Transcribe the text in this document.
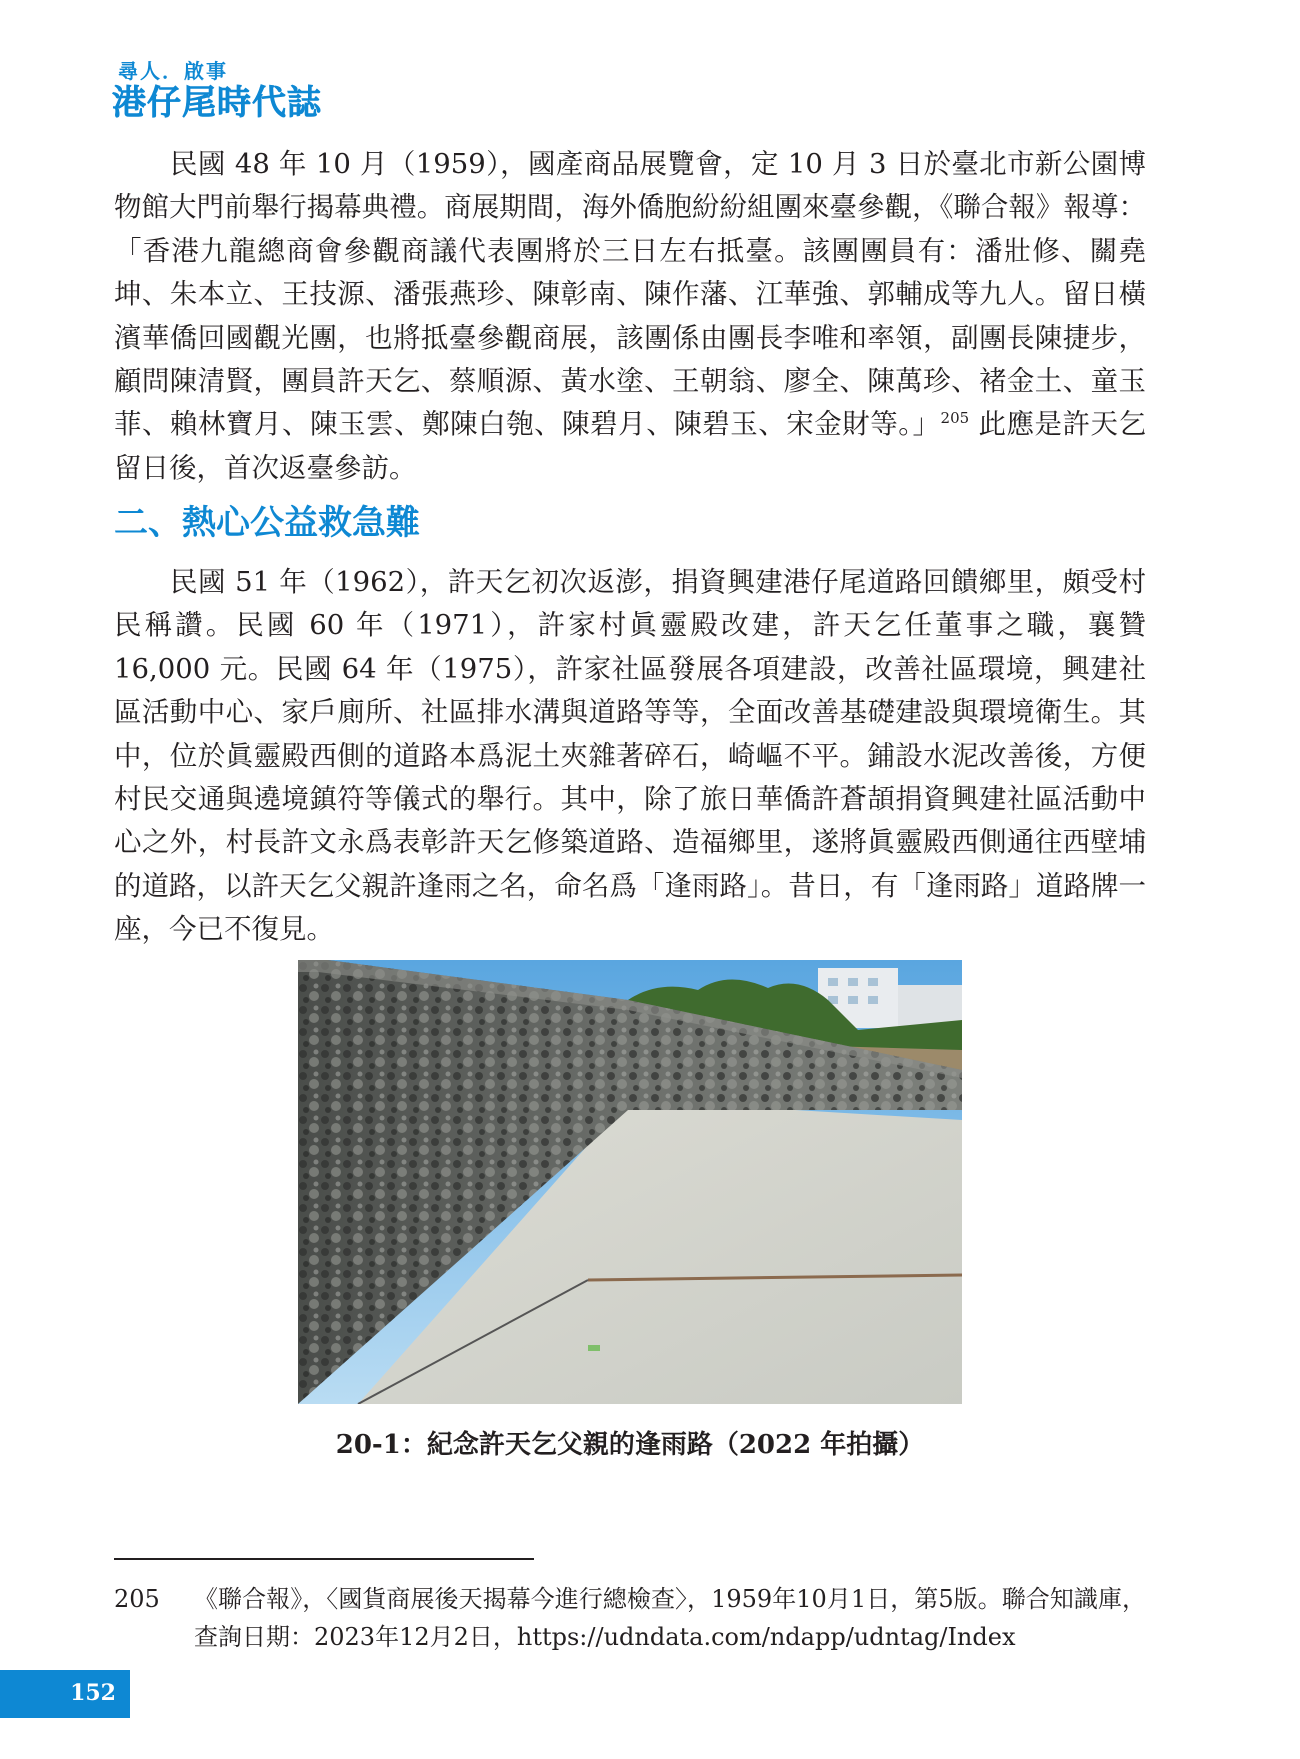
尋人．啟事
港仔尾時代誌

民國 48 年 10 月（1959），國產商品展覽會，定 10 月 3 日於臺北市新公園博物館大門前舉行揭幕典禮。商展期間，海外僑胞紛紛組團來臺參觀，《聯合報》報導：「香港九龍總商會參觀商議代表團將於三日左右抵臺。該團團員有：潘壯修、關堯坤、朱本立、王技源、潘張燕珍、陳彰南、陳作藩、江華強、郭輔成等九人。留日橫濱華僑回國觀光團，也將抵臺參觀商展，該團係由團長李唯和率領，副團長陳捷步，顧問陳清賢，團員許天乞、蔡順源、黃水塗、王朝翁、廖全、陳萬珍、褚金土、童玉菲、賴林寶月、陳玉雲、鄭陳白匏、陳碧月、陳碧玉、宋金財等。」$^{205}$ 此應是許天乞留日後，首次返臺參訪。

二、熱心公益救急難

民國 51 年（1962），許天乞初次返澎，捐資興建港仔尾道路回饋鄉里，頗受村民稱讚。民國 60 年（1971），許家村眞靈殿改建，許天乞任董事之職，襄贊 16,000 元。民國 64 年（1975），許家社區發展各項建設，改善社區環境，興建社區活動中心、家戶廁所、社區排水溝與道路等等，全面改善基礎建設與環境衛生。其中，位於眞靈殿西側的道路本爲泥土夾雜著碎石，崎嶇不平。鋪設水泥改善後，方便村民交通與遶境鎮符等儀式的舉行。其中，除了旅日華僑許蒼頡捐資興建社區活動中心之外，村長許文永爲表彰許天乞修築道路、造福鄉里，遂將眞靈殿西側通往西壁埔的道路，以許天乞父親許逢雨之名，命名爲「逢雨路」。昔日，有「逢雨路」道路牌一座，今已不復見。

20-1：紀念許天乞父親的逢雨路（2022 年拍攝）
205 《聯合報》，〈國貨商展後天揭幕今進行總檢查〉，1959年10月1日，第5版。聯合知識庫，查詢日期：2023年12月2日，https://udndata.com/ndapp/udntag/Index
152
